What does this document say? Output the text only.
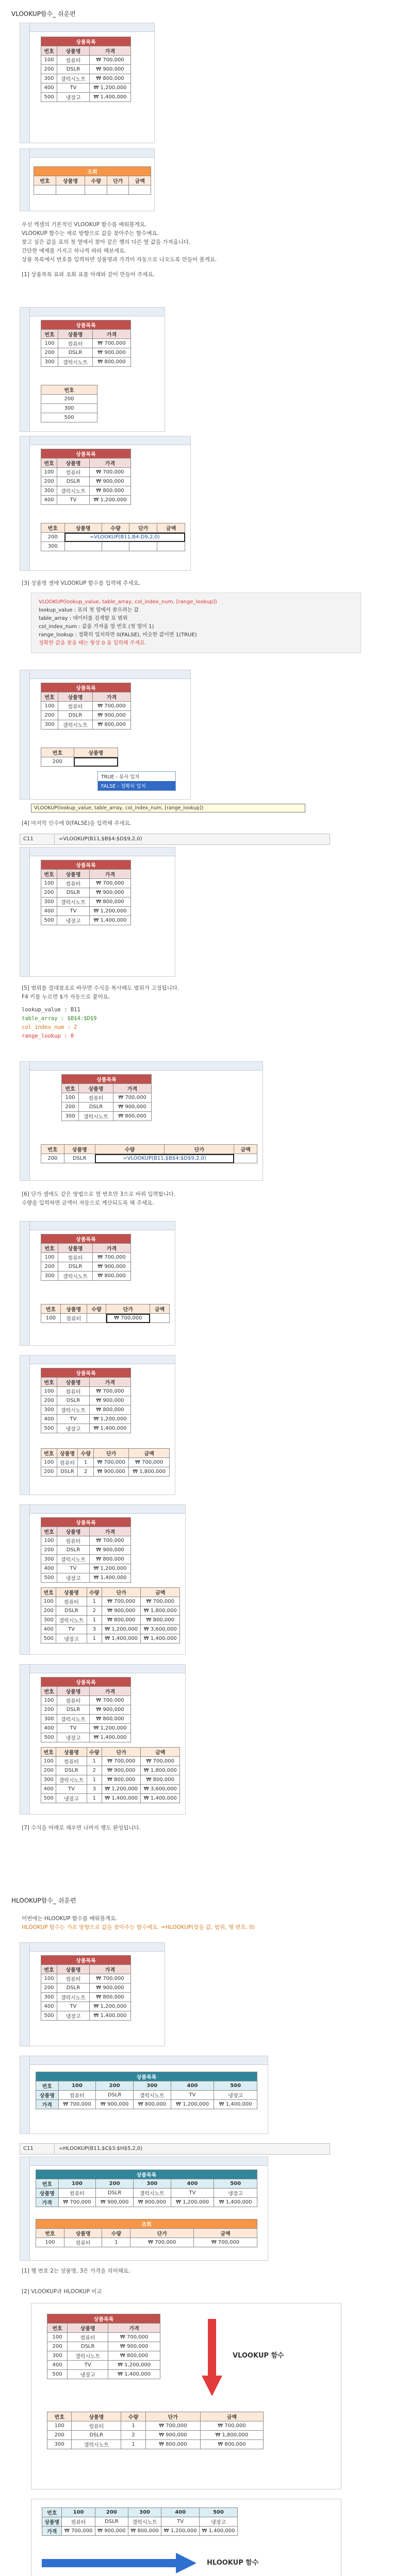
VLOOKUP함수_ 쉬운편
상품목록		
번호	상품명	가격
100	컴퓨터	₩ 700,000
200	DSLR	₩ 900,000
300	갤럭시노트	₩ 800,000
400	TV	₩ 1,200,000
500	냉장고	₩ 1,400,000
조회				
번호	상품명	수량	단가	금액

우선 엑셀의 기본적인 VLOOKUP 함수를 배워볼게요.

VLOOKUP 함수는 세로 방향으로 값을 찾아주는 함수예요.

찾고 싶은 값을 표의 첫 열에서 찾아 같은 행의 다른 열 값을 가져옵니다.

간단한 예제를 가지고 하나씩 따라 해보세요.

상품 목록에서 번호를 입력하면 상품명과 가격이 자동으로 나오도록 만들어 볼게요.

[1] 상품목록 표와 조회 표를 아래와 같이 만들어 주세요.

상품목록		
번호	상품명	가격
100	컴퓨터	₩ 700,000
200	DSLR	₩ 900,000
300	갤럭시노트	₩ 800,000
번호
200
300
500
상품목록		
번호	상품명	가격
100	컴퓨터	₩ 700,000
200	DSLR	₩ 900,000
300	갤럭시노트	₩ 800,000
400	TV	₩ 1,200,000
번호	상품명	수량	단가	금액
200	=VLOOKUP(B11,B4:D9,2,0)			
300				

[3] 상품명 셀에 VLOOKUP 함수를 입력해 주세요.

VLOOKUP(lookup_value, table_array, col_index_num, [range_lookup])

lookup_value : 표의 첫 열에서 찾으려는 값

table_array : 데이터를 검색할 표 범위

col_index_num : 값을 가져올 열 번호 (첫 열이 1)

range_lookup : 정확히 일치하면 0(FALSE), 비슷한 값이면 1(TRUE)

정확한 값을 찾을 때는 항상 0 을 입력해 주세요.

상품목록		
번호	상품명	가격
100	컴퓨터	₩ 700,000
200	DSLR	₩ 900,000
300	갤럭시노트	₩ 800,000
번호	상품명
200	
TRUE - 유사 일치
FALSE - 정확히 일치
VLOOKUP(lookup_value, table_array, col_index_num, [range_lookup])

[4] 마지막 인수에 0(FALSE)을 입력해 주세요.

C11	=VLOOKUP(B11,$B$4:$D$9,2,0)
상품목록		
번호	상품명	가격
100	컴퓨터	₩ 700,000
200	DSLR	₩ 900,000
300	갤럭시노트	₩ 800,000
400	TV	₩ 1,200,000
500	냉장고	₩ 1,400,000

[5] 범위를 절대참조로 바꾸면 수식을 복사해도 범위가 고정됩니다.

F4 키를 누르면 $가 자동으로 붙어요.

lookup_value : B11

table_array : $B$4:$D$9

col_index_num : 2

range_lookup : 0

상품목록		
번호	상품명	가격
100	컴퓨터	₩ 700,000
200	DSLR	₩ 900,000
300	갤럭시노트	₩ 800,000
번호	상품명	수량	단가	금액
200	DSLR	=VLOOKUP(B11,$B$4:$D$9,2,0)		

[6] 단가 셀에도 같은 방법으로 열 번호만 3으로 바꿔 입력합니다.

수량을 입력하면 금액이 자동으로 계산되도록 해 주세요.

상품목록		
번호	상품명	가격
100	컴퓨터	₩ 700,000
200	DSLR	₩ 900,000
300	갤럭시노트	₩ 800,000
번호	상품명	수량	단가	금액
100	컴퓨터		₩ 700,000	
상품목록		
번호	상품명	가격
100	컴퓨터	₩ 700,000
200	DSLR	₩ 900,000
300	갤럭시노트	₩ 800,000
400	TV	₩ 1,200,000
500	냉장고	₩ 1,400,000
번호	상품명	수량	단가	금액
100	컴퓨터	1	₩ 700,000	₩ 700,000
200	DSLR	2	₩ 900,000	₩ 1,800,000
상품목록		
번호	상품명	가격
100	컴퓨터	₩ 700,000
200	DSLR	₩ 900,000
300	갤럭시노트	₩ 800,000
400	TV	₩ 1,200,000
500	냉장고	₩ 1,400,000
번호	상품명	수량	단가	금액
100	컴퓨터	1	₩ 700,000	₩ 700,000
200	DSLR	2	₩ 900,000	₩ 1,800,000
300	갤럭시노트	1	₩ 800,000	₩ 800,000
400	TV	3	₩ 1,200,000	₩ 3,600,000
500	냉장고	1	₩ 1,400,000	₩ 1,400,000
상품목록		
번호	상품명	가격
100	컴퓨터	₩ 700,000
200	DSLR	₩ 900,000
300	갤럭시노트	₩ 800,000
400	TV	₩ 1,200,000
500	냉장고	₩ 1,400,000
번호	상품명	수량	단가	금액
100	컴퓨터	1	₩ 700,000	₩ 700,000
200	DSLR	2	₩ 900,000	₩ 1,800,000
300	갤럭시노트	1	₩ 800,000	₩ 800,000
400	TV	3	₩ 1,200,000	₩ 3,600,000
500	냉장고	1	₩ 1,400,000	₩ 1,400,000

[7] 수식을 아래로 채우면 나머지 행도 완성됩니다.

HLOOKUP함수_ 쉬운편

이번에는 HLOOKUP 함수를 배워볼게요.

HLOOKUP 함수는 가로 방향으로 값을 찾아주는 함수예요. =HLOOKUP(찾을 값, 범위, 행 번호, 0)

상품목록		
번호	상품명	가격
100	컴퓨터	₩ 700,000
200	DSLR	₩ 900,000
300	갤럭시노트	₩ 800,000
400	TV	₩ 1,200,000
500	냉장고	₩ 1,400,000
상품목록					
번호	100	200	300	400	500
상품명	컴퓨터	DSLR	갤럭시노트	TV	냉장고
가격	₩ 700,000	₩ 900,000	₩ 800,000	₩ 1,200,000	₩ 1,400,000
C11	=HLOOKUP(B11,$C$3:$H$5,2,0)
상품목록					
번호	100	200	300	400	500
상품명	컴퓨터	DSLR	갤럭시노트	TV	냉장고
가격	₩ 700,000	₩ 900,000	₩ 800,000	₩ 1,200,000	₩ 1,400,000
조회				
번호	상품명	수량	단가	금액
100	컴퓨터	1	₩ 700,000	₩ 700,000

[1] 행 번호 2는 상품명, 3은 가격을 의미해요.

[2] VLOOKUP과 HLOOKUP 비교

상품목록		
번호	상품명	가격
100	컴퓨터	₩ 700,000
200	DSLR	₩ 900,000
300	갤럭시노트	₩ 800,000
400	TV	₩ 1,200,000
500	냉장고	₩ 1,400,000
VLOOKUP 함수
번호	상품명	수량	단가	금액
100	컴퓨터	1	₩ 700,000	₩ 700,000
200	DSLR	2	₩ 900,000	₩ 1,800,000
300	갤럭시노트	1	₩ 800,000	₩ 800,000
번호	100	200	300	400	500
상품명	컴퓨터	DSLR	갤럭시노트	TV	냉장고
가격	₩ 700,000	₩ 900,000	₩ 800,000	₩ 1,200,000	₩ 1,400,000
HLOOKUP 함수
